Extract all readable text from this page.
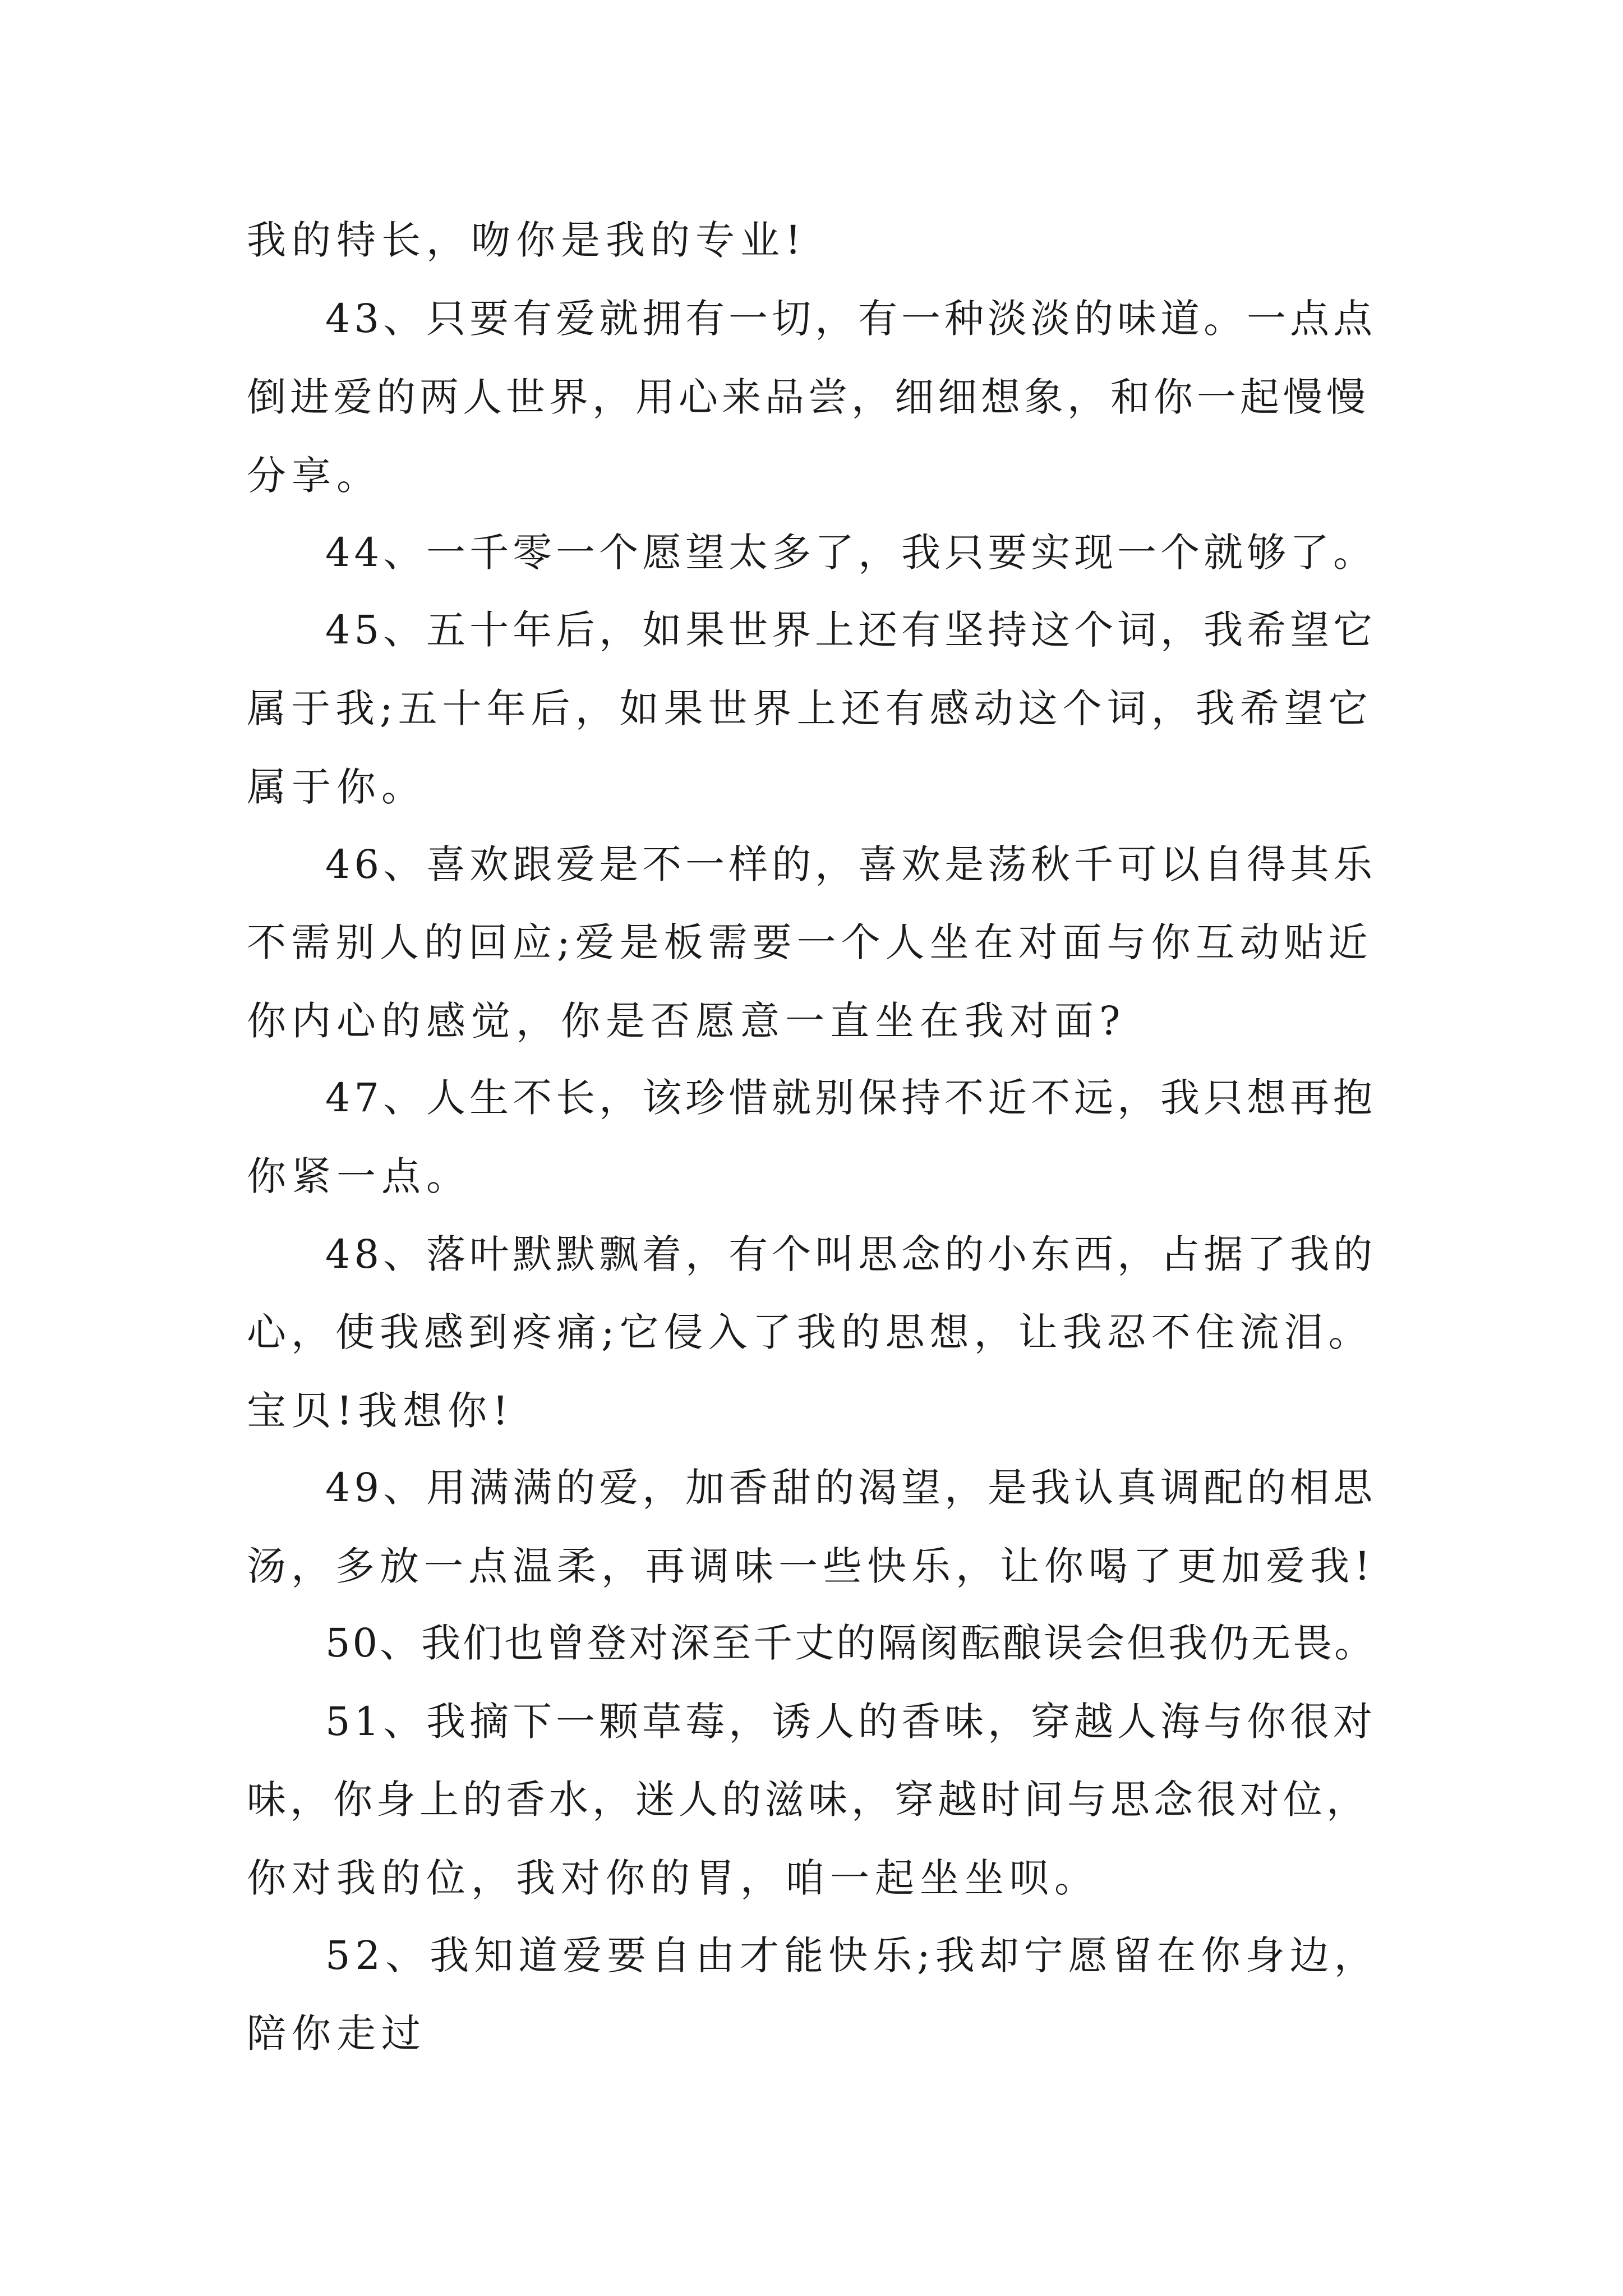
我的特长，吻你是我的专业!
43、只要有爱就拥有一切，有一种淡淡的味道。一点点
倒进爱的两人世界，用心来品尝，细细想象，和你一起慢慢
分享。
44、一千零一个愿望太多了，我只要实现一个就够了。
45、五十年后，如果世界上还有坚持这个词，我希望它
属于我;五十年后，如果世界上还有感动这个词，我希望它
属于你。
46、喜欢跟爱是不一样的，喜欢是荡秋千可以自得其乐
不需别人的回应;爱是板需要一个人坐在对面与你互动贴近
你内心的感觉，你是否愿意一直坐在我对面?
47、人生不长，该珍惜就别保持不近不远，我只想再抱
你紧一点。
48、落叶默默飘着，有个叫思念的小东西，占据了我的
心，使我感到疼痛;它侵入了我的思想，让我忍不住流泪。
宝贝!我想你!
49、用满满的爱，加香甜的渴望，是我认真调配的相思
汤，多放一点温柔，再调味一些快乐，让你喝了更加爱我!
50、我们也曾登对深至千丈的隔阂酝酿误会但我仍无畏。
51、我摘下一颗草莓，诱人的香味，穿越人海与你很对
味，你身上的香水，迷人的滋味，穿越时间与思念很对位，
你对我的位，我对你的胃，咱一起坐坐呗。
52、我知道爱要自由才能快乐;我却宁愿留在你身边，
陪你走过
